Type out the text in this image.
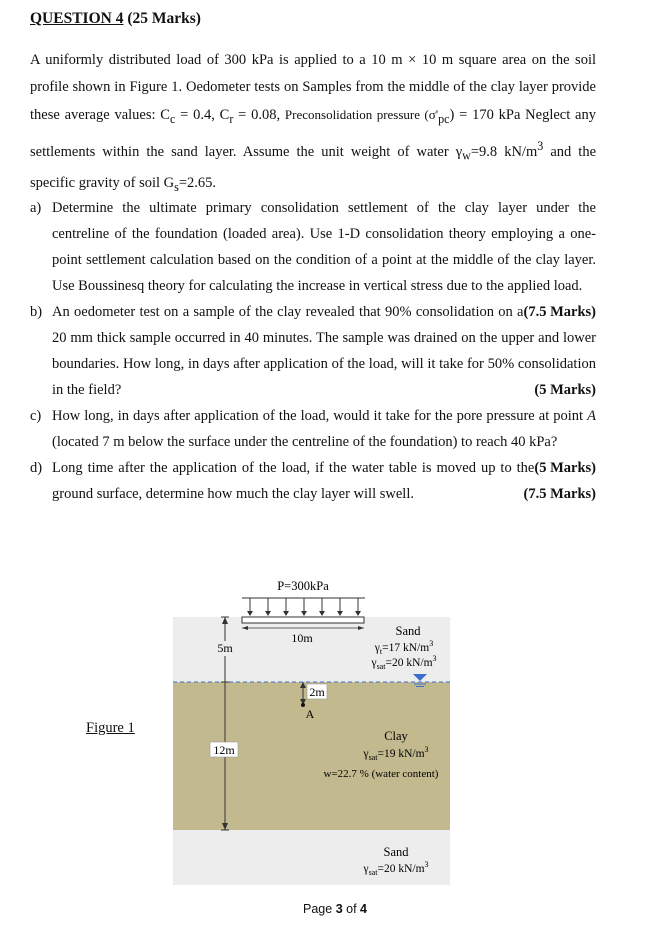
QUESTION 4 (25 Marks)

A uniformly distributed load of 300 kPa is applied to a 10 m × 10 m square area on the soil profile shown in Figure 1. Oedometer tests on Samples from the middle of the clay layer provide these average values: $C_c = 0.4$, $C_r = 0.08$, Preconsolidation pressure $(\sigma'_{pc}) = 170$ kPa Neglect any settlements within the sand layer. Assume the unit weight of water $\gamma_w=9.8$ $kN/m^3$ and the specific gravity of soil $G_s=2.65$.

a) Determine the ultimate primary consolidation settlement of the clay layer under the centreline of the foundation (loaded area). Use 1-D consolidation theory employing a one-point settlement calculation based on the condition of a point at the middle of the clay layer. Use Boussinesq theory for calculating the increase in vertical stress due to the applied load.
(7.5 Marks)
b) An oedometer test on a sample of the clay revealed that 90% consolidation on a 20 mm thick sample occurred in 40 minutes. The sample was drained on the upper and lower boundaries. How long, in days after application of the load, will it take for 50% consolidation in the field?	(5 Marks)
c) How long, in days after application of the load, would it take for the pore pressure at point A (located 7 m below the surface under the centreline of the foundation) to reach 40 kPa?
(5 Marks)
d) Long time after the application of the load, if the water table is moved up to the ground surface, determine how much the clay layer will swell.	(7.5 Marks)
Figure 1
P=300kPa
10m
5m
12m
2m
A
Sand
$\gamma_t=17$ $kN/m^3$
$\gamma_{sat}=20$ $kN/m^3$
Clay
$\gamma_{sat}=19$ $kN/m^3$
w=22.7 % (water content)
Sand
$\gamma_{sat}=20$ $kN/m^3$
Page 3 of 4
